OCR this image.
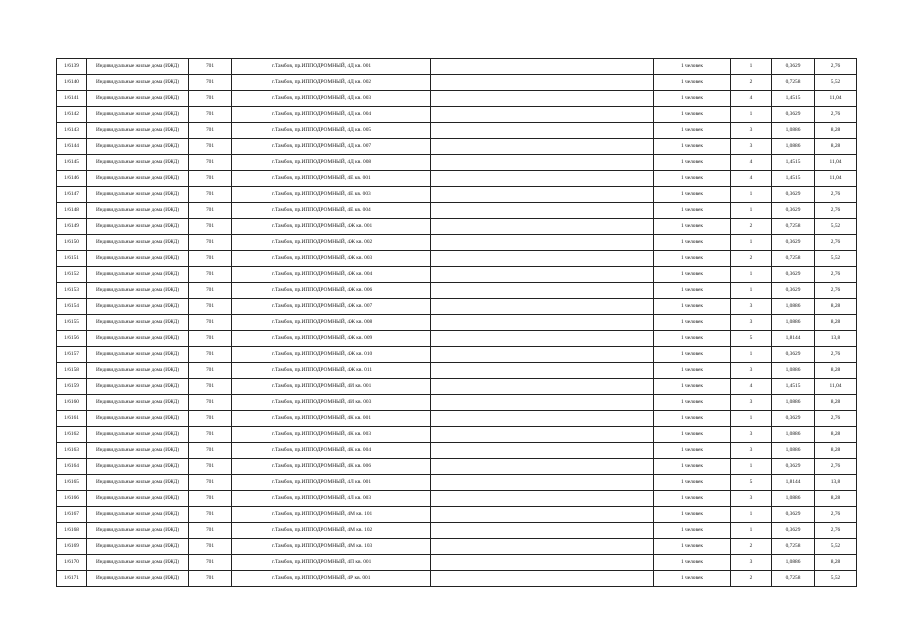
1/6139	Индивидуальные жилые дома (ИЖД)	701	г.Тамбов, пр.ИППОДРОМНЫЙ, 4Д кв. 001		1 человек	1	0,3629	2,76
1/6140	Индивидуальные жилые дома (ИЖД)	701	г.Тамбов, пр.ИППОДРОМНЫЙ, 4Д кв. 002		1 человек	2	0,7258	5,52
1/6141	Индивидуальные жилые дома (ИЖД)	701	г.Тамбов, пр.ИППОДРОМНЫЙ, 4Д кв. 003		1 человек	4	1,4515	11,04
1/6142	Индивидуальные жилые дома (ИЖД)	701	г.Тамбов, пр.ИППОДРОМНЫЙ, 4Д кв. 004		1 человек	1	0,3629	2,76
1/6143	Индивидуальные жилые дома (ИЖД)	701	г.Тамбов, пр.ИППОДРОМНЫЙ, 4Д кв. 005		1 человек	3	1,0886	8,28
1/6144	Индивидуальные жилые дома (ИЖД)	701	г.Тамбов, пр.ИППОДРОМНЫЙ, 4Д кв. 007		1 человек	3	1,0886	8,28
1/6145	Индивидуальные жилые дома (ИЖД)	701	г.Тамбов, пр.ИППОДРОМНЫЙ, 4Д кв. 008		1 человек	4	1,4515	11,04
1/6146	Индивидуальные жилые дома (ИЖД)	701	г.Тамбов, пр.ИППОДРОМНЫЙ, 4Е кв. 001		1 человек	4	1,4515	11,04
1/6147	Индивидуальные жилые дома (ИЖД)	701	г.Тамбов, пр.ИППОДРОМНЫЙ, 4Е кв. 003		1 человек	1	0,3629	2,76
1/6148	Индивидуальные жилые дома (ИЖД)	701	г.Тамбов, пр.ИППОДРОМНЫЙ, 4Е кв. 004		1 человек	1	0,3629	2,76
1/6149	Индивидуальные жилые дома (ИЖД)	701	г.Тамбов, пр.ИППОДРОМНЫЙ, 4Ж кв. 001		1 человек	2	0,7258	5,52
1/6150	Индивидуальные жилые дома (ИЖД)	701	г.Тамбов, пр.ИППОДРОМНЫЙ, 4Ж кв. 002		1 человек	1	0,3629	2,76
1/6151	Индивидуальные жилые дома (ИЖД)	701	г.Тамбов, пр.ИППОДРОМНЫЙ, 4Ж кв. 003		1 человек	2	0,7258	5,52
1/6152	Индивидуальные жилые дома (ИЖД)	701	г.Тамбов, пр.ИППОДРОМНЫЙ, 4Ж кв. 004		1 человек	1	0,3629	2,76
1/6153	Индивидуальные жилые дома (ИЖД)	701	г.Тамбов, пр.ИППОДРОМНЫЙ, 4Ж кв. 006		1 человек	1	0,3629	2,76
1/6154	Индивидуальные жилые дома (ИЖД)	701	г.Тамбов, пр.ИППОДРОМНЫЙ, 4Ж кв. 007		1 человек	3	1,0886	8,28
1/6155	Индивидуальные жилые дома (ИЖД)	701	г.Тамбов, пр.ИППОДРОМНЫЙ, 4Ж кв. 008		1 человек	3	1,0886	8,28
1/6156	Индивидуальные жилые дома (ИЖД)	701	г.Тамбов, пр.ИППОДРОМНЫЙ, 4Ж кв. 009		1 человек	5	1,8144	13,8
1/6157	Индивидуальные жилые дома (ИЖД)	701	г.Тамбов, пр.ИППОДРОМНЫЙ, 4Ж кв. 010		1 человек	1	0,3629	2,76
1/6158	Индивидуальные жилые дома (ИЖД)	701	г.Тамбов, пр.ИППОДРОМНЫЙ, 4Ж кв. 011		1 человек	3	1,0886	8,28
1/6159	Индивидуальные жилые дома (ИЖД)	701	г.Тамбов, пр.ИППОДРОМНЫЙ, 4И кв. 001		1 человек	4	1,4515	11,04
1/6160	Индивидуальные жилые дома (ИЖД)	701	г.Тамбов, пр.ИППОДРОМНЫЙ, 4И кв. 003		1 человек	3	1,0886	8,28
1/6161	Индивидуальные жилые дома (ИЖД)	701	г.Тамбов, пр.ИППОДРОМНЫЙ, 4К кв. 001		1 человек	1	0,3629	2,76
1/6162	Индивидуальные жилые дома (ИЖД)	701	г.Тамбов, пр.ИППОДРОМНЫЙ, 4К кв. 003		1 человек	3	1,0886	8,28
1/6163	Индивидуальные жилые дома (ИЖД)	701	г.Тамбов, пр.ИППОДРОМНЫЙ, 4К кв. 004		1 человек	3	1,0886	8,28
1/6164	Индивидуальные жилые дома (ИЖД)	701	г.Тамбов, пр.ИППОДРОМНЫЙ, 4К кв. 006		1 человек	1	0,3629	2,76
1/6165	Индивидуальные жилые дома (ИЖД)	701	г.Тамбов, пр.ИППОДРОМНЫЙ, 4Л кв. 001		1 человек	5	1,8144	13,8
1/6166	Индивидуальные жилые дома (ИЖД)	701	г.Тамбов, пр.ИППОДРОМНЫЙ, 4Л кв. 003		1 человек	3	1,0886	8,28
1/6167	Индивидуальные жилые дома (ИЖД)	701	г.Тамбов, пр.ИППОДРОМНЫЙ, 4М кв. 101		1 человек	1	0,3629	2,76
1/6168	Индивидуальные жилые дома (ИЖД)	701	г.Тамбов, пр.ИППОДРОМНЫЙ, 4М кв. 102		1 человек	1	0,3629	2,76
1/6169	Индивидуальные жилые дома (ИЖД)	701	г.Тамбов, пр.ИППОДРОМНЫЙ, 4М кв. 103		1 человек	2	0,7258	5,52
1/6170	Индивидуальные жилые дома (ИЖД)	701	г.Тамбов, пр.ИППОДРОМНЫЙ, 4П кв. 001		1 человек	3	1,0886	8,28
1/6171	Индивидуальные жилые дома (ИЖД)	701	г.Тамбов, пр.ИППОДРОМНЫЙ, 4Р кв. 001		1 человек	2	0,7258	5,52
